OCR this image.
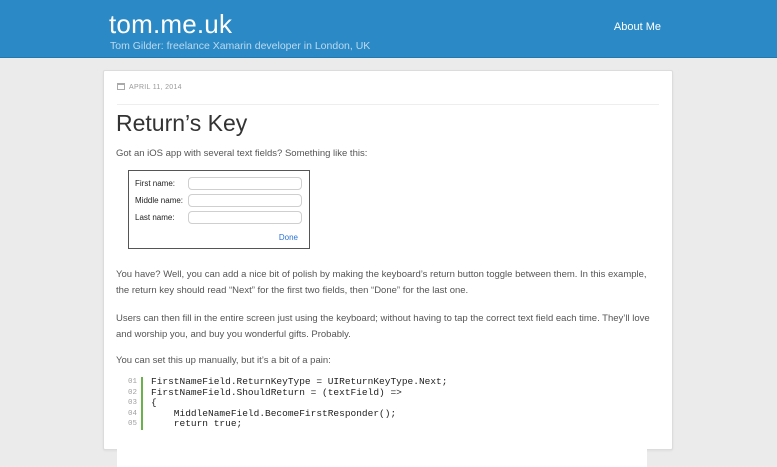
tom.me.uk
Tom Gilder: freelance Xamarin developer in London, UK
About Me
APRIL 11, 2014
Return’s Key

Got an iOS app with several text fields? Something like this:

First name:
Middle name:
Last name:
Done

You have? Well, you can add a nice bit of polish by making the keyboard’s return button toggle between them. In this example, the return key should read “Next” for the first two fields, then “Done” for the last one.

Users can then fill in the entire screen just using the keyboard; without having to tap the correct text field each time. They’ll love and worship you, and buy you wonderful gifts. Probably.

You can set this up manually, but it’s a bit of a pain:

01	FirstNameField.ReturnKeyType = UIReturnKeyType.Next;
02	FirstNameField.ShouldReturn = (textField) =>
03	{
04	MiddleNameField.BecomeFirstResponder();
05	return true;
